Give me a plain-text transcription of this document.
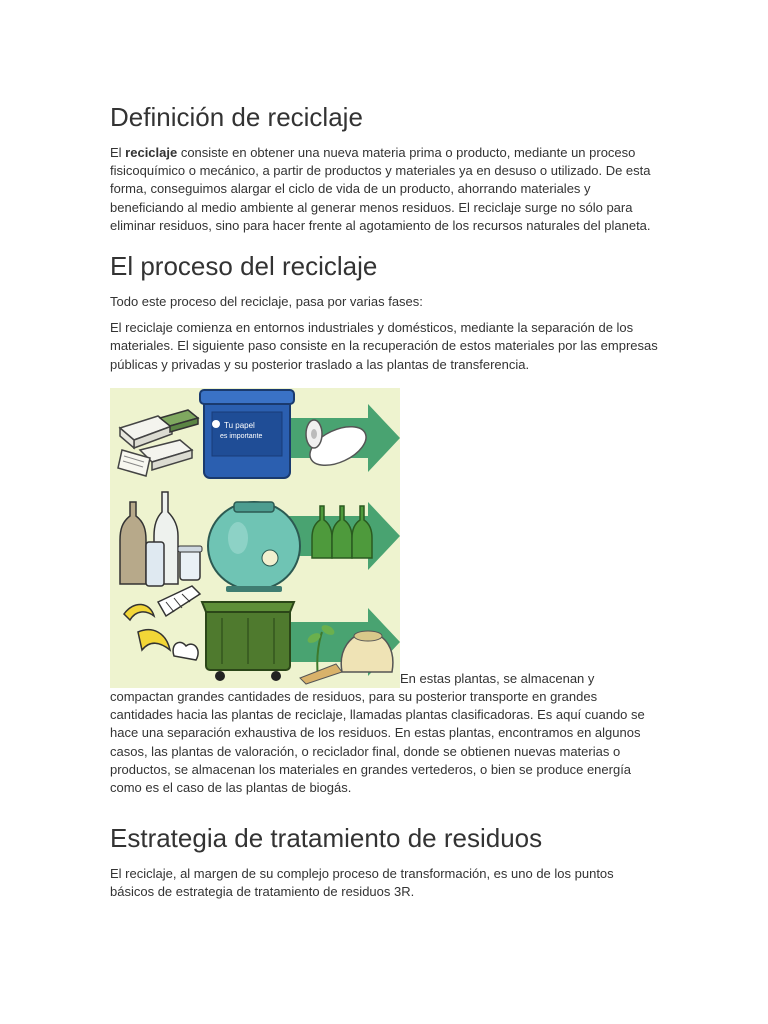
Definición de reciclaje

El reciclaje consiste en obtener una nueva materia prima o producto, mediante un proceso fisicoquímico o mecánico, a partir de productos y materiales ya en desuso o utilizado. De esta forma, conseguimos alargar el ciclo de vida de un producto, ahorrando materiales y beneficiando al medio ambiente al generar menos residuos. El reciclaje surge no sólo para eliminar residuos, sino para hacer frente al agotamiento de los recursos naturales del planeta.

El proceso del reciclaje

Todo este proceso del reciclaje, pasa por varias fases:

El reciclaje comienza en entornos industriales y domésticos, mediante la separación de los materiales. El siguiente paso consiste en la recuperación de estos materiales por las empresas públicas y privadas y su posterior traslado a las plantas de transferencia.

Tu papel
es importante

En estas plantas, se almacenan y compactan grandes cantidades de residuos, para su posterior transporte en grandes cantidades hacia las plantas de reciclaje, llamadas plantas clasificadoras. Es aquí cuando se hace una separación exhaustiva de los residuos. En estas plantas, encontramos en algunos casos, las plantas de valoración, o reciclador final, donde se obtienen nuevas materias o productos, se almacenan los materiales en grandes vertederos, o bien se produce energía como es el caso de las plantas de biogás.

Estrategia de tratamiento de residuos

El reciclaje, al margen de su complejo proceso de transformación, es uno de los puntos básicos de estrategia de tratamiento de residuos 3R.
